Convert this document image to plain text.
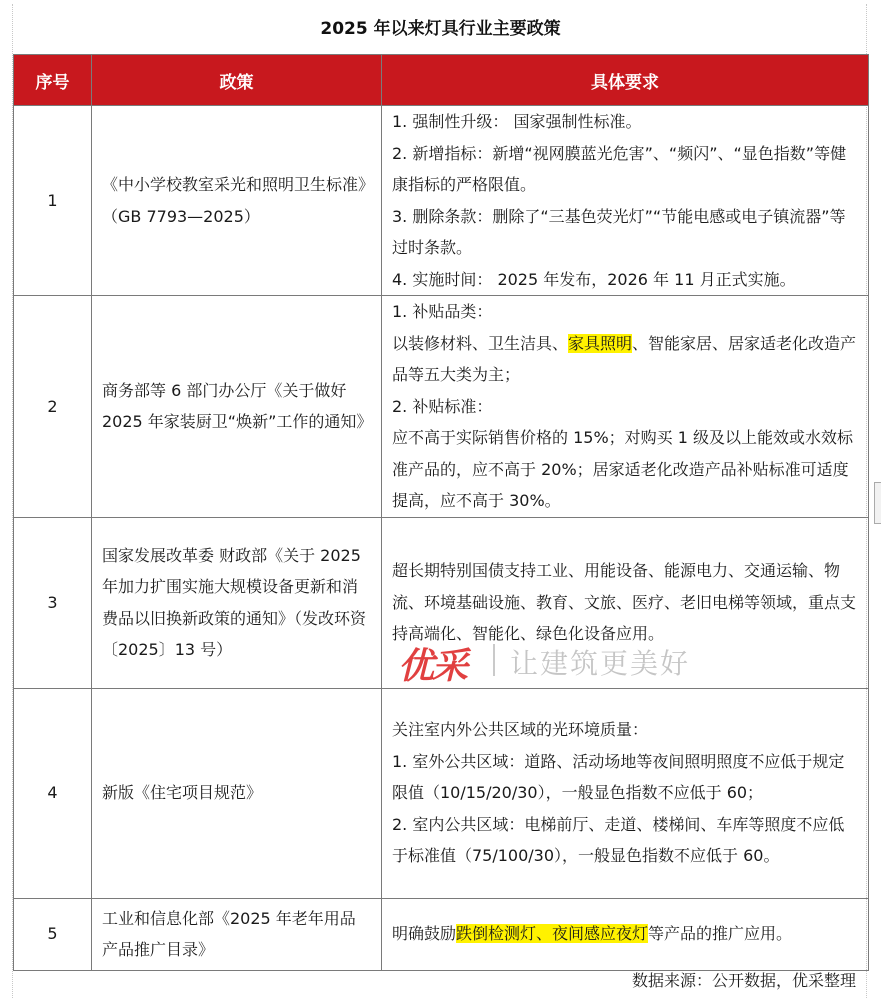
2025 年以来灯具行业主要政策
序号	政策	具体要求
1	《中小学校教室采光和照明卫生标准》（GB 7793—2025）	1. 强制性升级： 国家强制性标准。
2. 新增指标：新增“视网膜蓝光危害”、“频闪”、“显色指数”等健康指标的严格限值。
3. 删除条款：删除了“三基色荧光灯”“节能电感或电子镇流器”等过时条款。
4. 实施时间： 2025 年发布，2026 年 11 月正式实施。

2	商务部等 6 部门办公厅《关于做好 2025 年家装厨卫“焕新”工作的通知》	1. 补贴品类：
以装修材料、卫生洁具、家具照明、智能家居、居家适老化改造产品等五大类为主；
2. 补贴标准：
应不高于实际销售价格的 15%；对购买 1 级及以上能效或水效标准产品的，应不高于 20%；居家适老化改造产品补贴标准可适度提高，应不高于 30%。

3	国家发展改革委 财政部《关于 2025 年加力扩围实施大规模设备更新和消费品以旧换新政策的通知》（发改环资〔2025〕13 号）	超长期特别国债支持工业、用能设备、能源电力、交通运输、物流、环境基础设施、教育、文旅、医疗、老旧电梯等领域，重点支持高端化、智能化、绿色化设备应用。

4	新版《住宅项目规范》	关注室内外公共区域的光环境质量：
1. 室外公共区域：道路、活动场地等夜间照明照度不应低于规定限值（10/15/20/30），一般显色指数不应低于 60；
2. 室内公共区域：电梯前厅、走道、楼梯间、车库等照度不应低于标准值（75/100/30），一般显色指数不应低于 60。

5	工业和信息化部《2025 年老年用品产品推广目录》	明确鼓励跌倒检测灯、夜间感应夜灯等产品的推广应用。
数据来源：公开数据，优采整理
优采 让建筑更美好
